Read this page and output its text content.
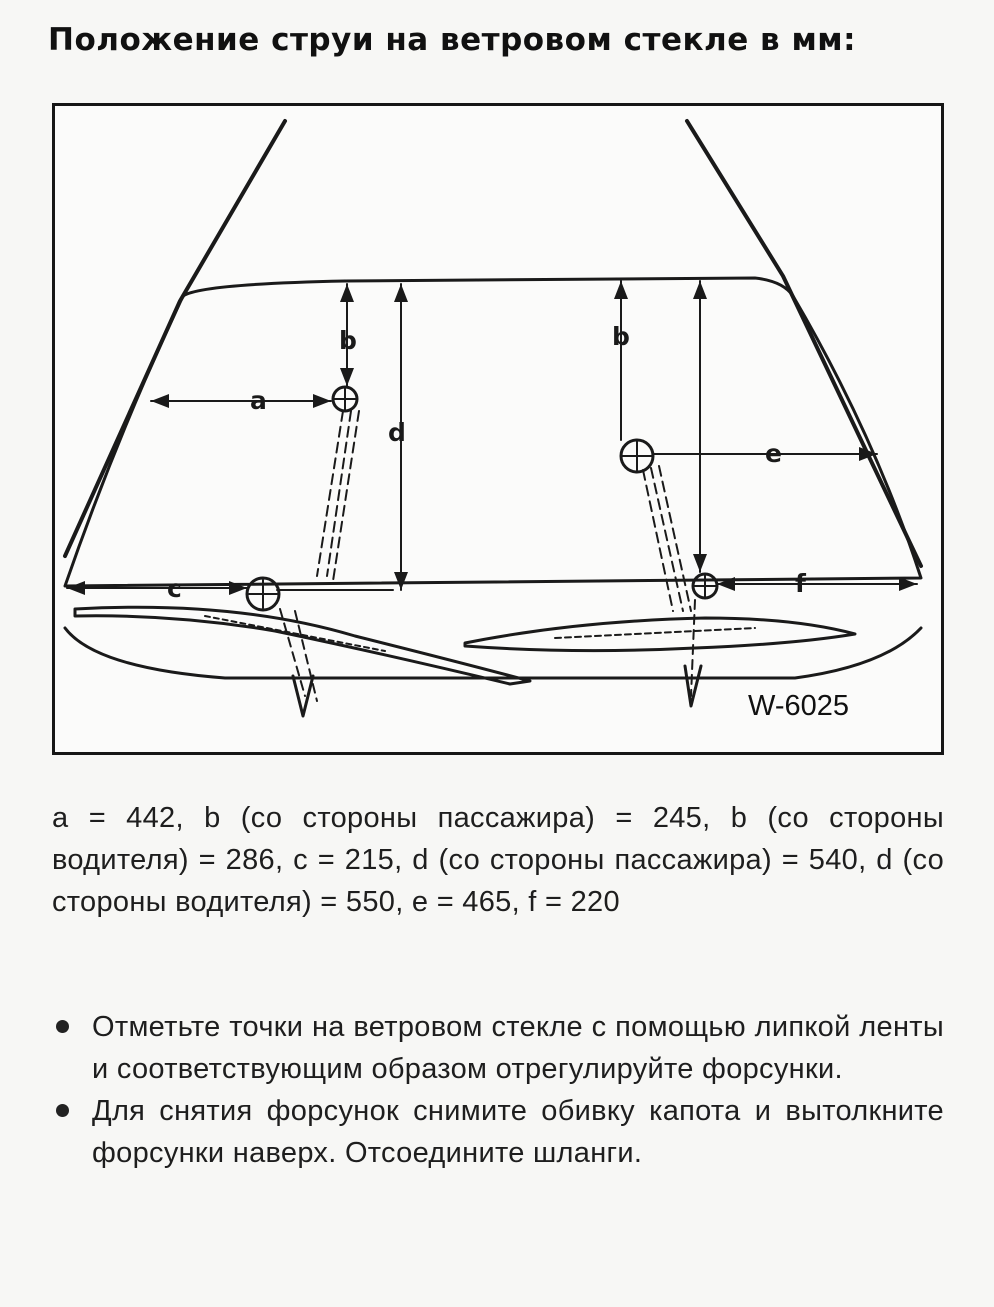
Положение струи на ветровом стекле в мм:
a
b
d
c
b
e
f
W-6025
a = 442, b (со стороны пассажира) = 245, b (со стороны водителя) = 286, c = 215, d (со стороны пассажира) = 540, d (со стороны водителя) = 550, e = 465, f = 220
Отметьте точки на ветровом стекле с помощью липкой ленты и соответствующим образом отрегулируйте форсунки.
Для снятия форсунок снимите обивку капота и вытолкните форсунки наверх. Отсоедините шланги.
